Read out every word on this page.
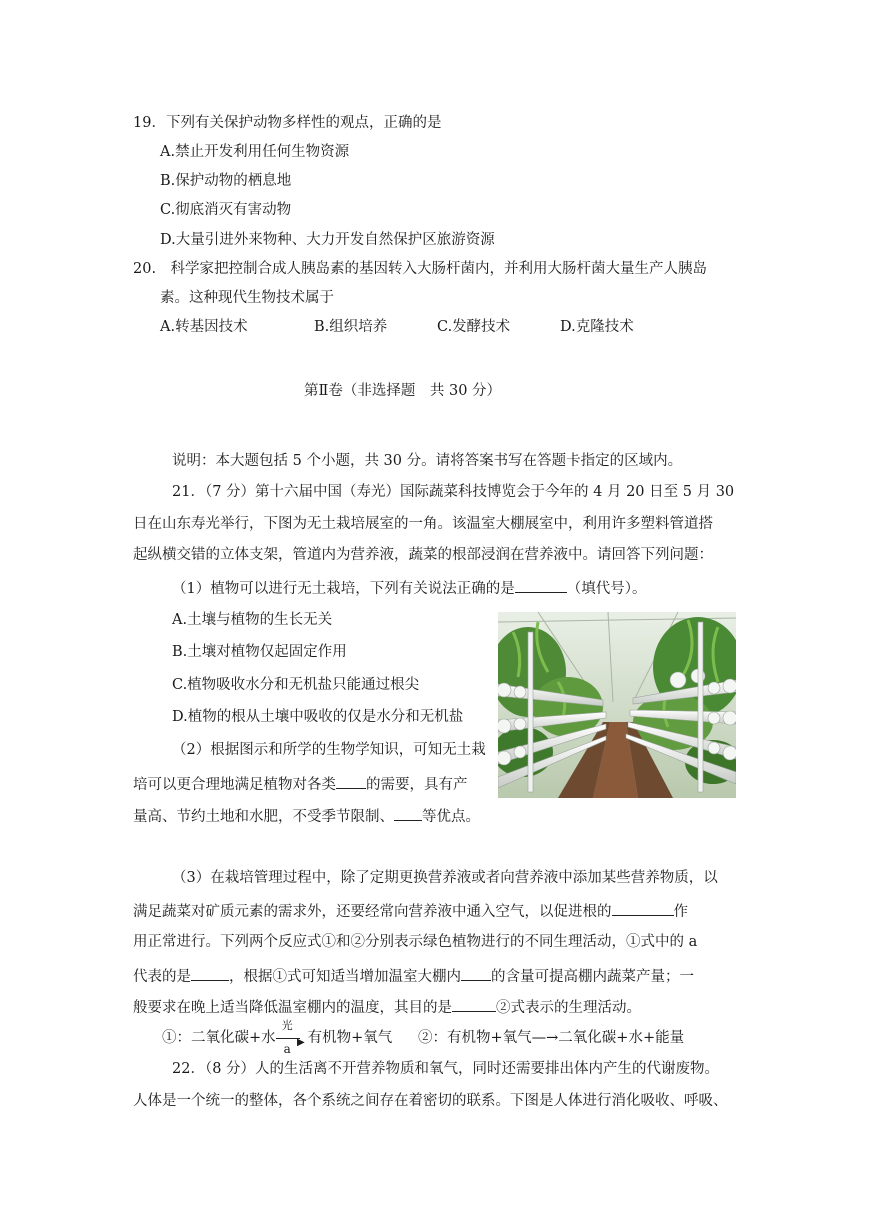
19．下列有关保护动物多样性的观点，正确的是
A.禁止开发利用任何生物资源
B.保护动物的栖息地
C.彻底消灭有害动物
D.大量引进外来物种、大力开发自然保护区旅游资源
20.　科学家把控制合成人胰岛素的基因转入大肠杆菌内，并利用大肠杆菌大量生产人胰岛
素。这种现代生物技术属于
A.转基因技术	B.组织培养	C.发酵技术	D.克隆技术
第Ⅱ卷（非选择题　共 30 分）
说明：本大题包括 5 个小题，共 30 分。请将答案书写在答题卡指定的区域内。
21．（7 分）第十六届中国（寿光）国际蔬菜科技博览会于今年的 4 月 20 日至 5 月 30
日在山东寿光举行，下图为无土栽培展室的一角。该温室大棚展室中，利用许多塑料管道搭
起纵横交错的立体支架，管道内为营养液，蔬菜的根部浸润在营养液中。请回答下列问题：
（1）植物可以进行无土栽培，下列有关说法正确的是	（填代号）。
A.土壤与植物的生长无关
B.土壤对植物仅起固定作用
C.植物吸收水分和无机盐只能通过根尖
D.植物的根从土壤中吸收的仅是水分和无机盐
（2）根据图示和所学的生物学知识，可知无土栽
培可以更合理地满足植物对各类 的需要，具有产
量高、节约土地和水肥，不受季节限制、 等优点。
（3）在栽培管理过程中，除了定期更换营养液或者向营养液中添加某些营养物质，以
满足蔬菜对矿质元素的需求外，还要经常向营养液中通入空气，以促进根的	作
用正常进行。下列两个反应式①和②分别表示绿色植物进行的不同生理活动，①式中的 a
代表的是	，根据①式可知适当增加温室大棚内 的含量可提高棚内蔬菜产量；一
般要求在晚上适当降低温室棚内的温度，其目的是	②式表示的生理活动。
①：二氧化碳+水
光
▶
a
有机物+氧气 ②：有机物+氧气—→二氧化碳+水+能量
22．（8 分）人的生活离不开营养物质和氧气，同时还需要排出体内产生的代谢废物。
人体是一个统一的整体，各个系统之间存在着密切的联系。下图是人体进行消化吸收、呼吸、
